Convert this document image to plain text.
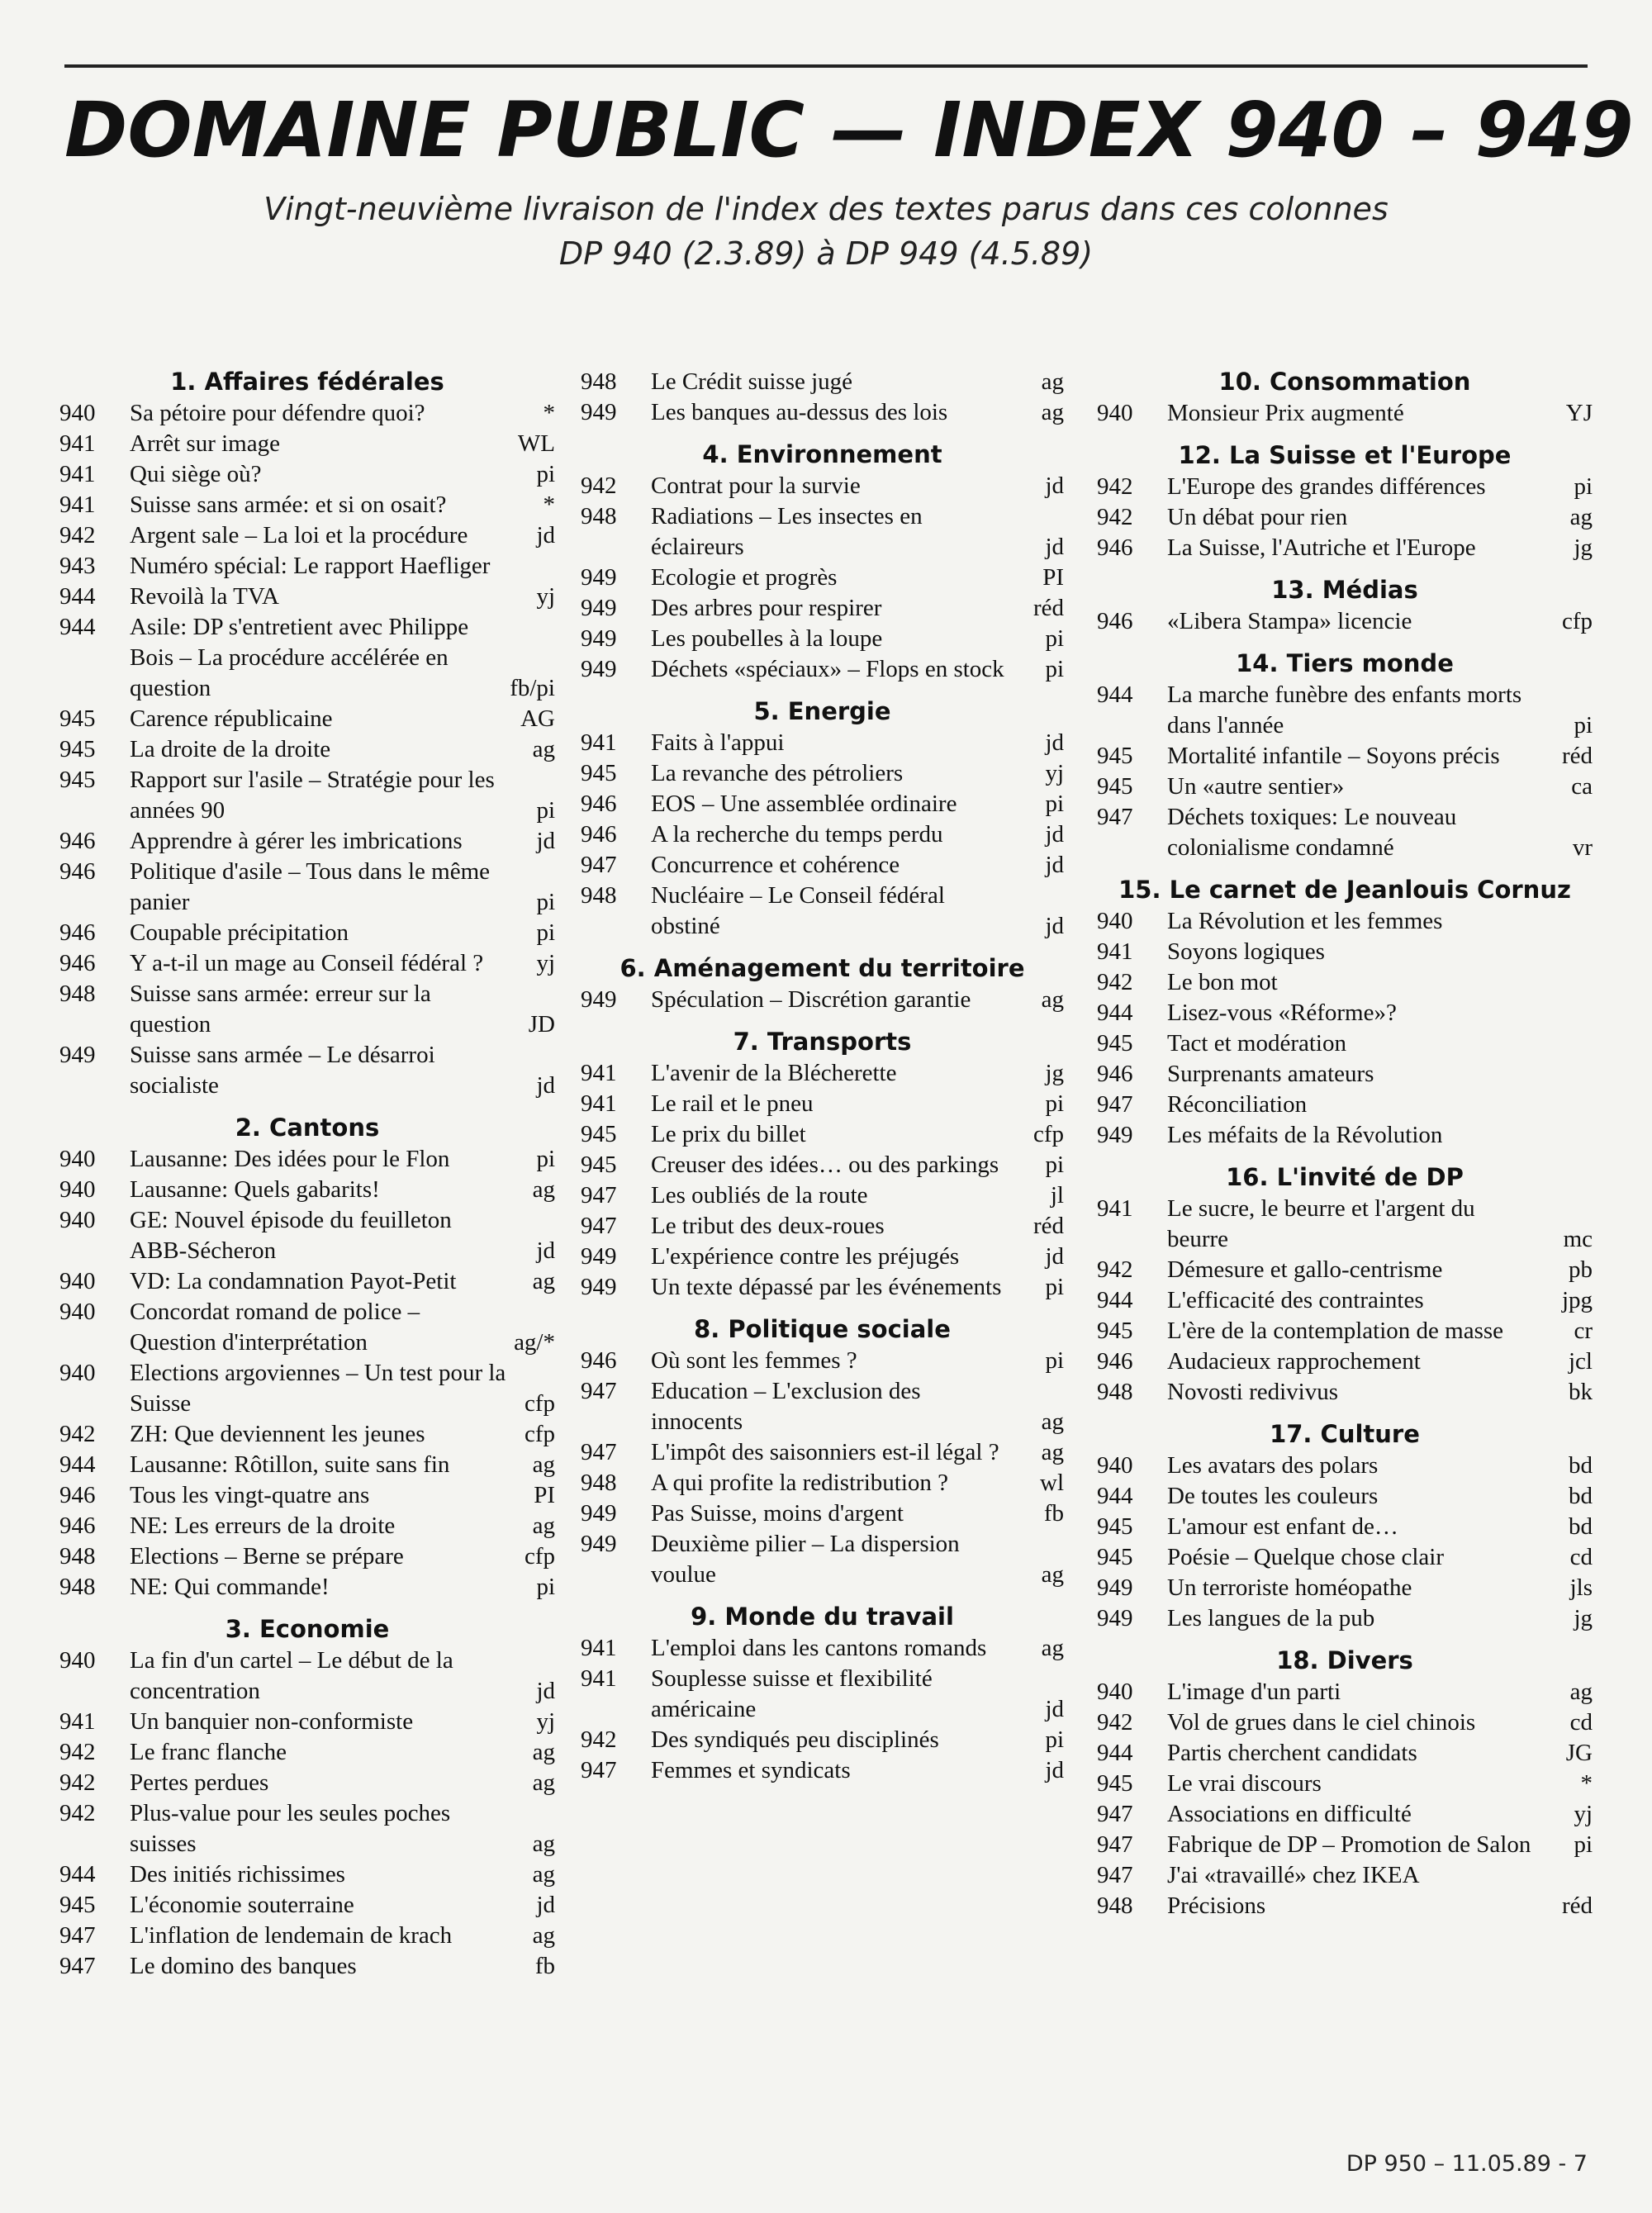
DOMAINE PUBLIC — INDEX 940 – 949

Vingt-neuvième livraison de l'index des textes parus dans ces colonnes
DP 940 (2.3.89) à DP 949 (4.5.89)

1. Affaires fédérales
940	Sa pétoire pour défendre quoi?	*
941	Arrêt sur image	WL
941	Qui siège où?	pi
941	Suisse sans armée: et si on osait?	*
942	Argent sale – La loi et la procédure	jd
943	Numéro spécial: Le rapport Haefliger
944	Revoilà la TVA	yj
944	Asile: DP s'entretient avec Philippe Bois – La procédure accélérée en question	fb/pi
945	Carence républicaine	AG
945	La droite de la droite	ag
945	Rapport sur l'asile – Stratégie pour les années 90	pi
946	Apprendre à gérer les imbrications	jd
946	Politique d'asile – Tous dans le même panier	pi
946	Coupable précipitation	pi
946	Y a-t-il un mage au Conseil fédéral ?	yj
948	Suisse sans armée: erreur sur la question	JD
949	Suisse sans armée – Le désarroi socialiste	jd
2. Cantons
940	Lausanne: Des idées pour le Flon	pi
940	Lausanne: Quels gabarits!	ag
940	GE: Nouvel épisode du feuilleton ABB-Sécheron	jd
940	VD: La condamnation Payot-Petit	ag
940	Concordat romand de police – Question d'interprétation	ag/*
940	Elections argoviennes – Un test pour la Suisse	cfp
942	ZH: Que deviennent les jeunes	cfp
944	Lausanne: Rôtillon, suite sans fin	ag
946	Tous les vingt-quatre ans	PI
946	NE: Les erreurs de la droite	ag
948	Elections – Berne se prépare	cfp
948	NE: Qui commande!	pi
3. Economie
940	La fin d'un cartel – Le début de la concentration	jd
941	Un banquier non-conformiste	yj
942	Le franc flanche	ag
942	Pertes perdues	ag
942	Plus-value pour les seules poches suisses	ag
944	Des initiés richissimes	ag
945	L'économie souterraine	jd
947	L'inflation de lendemain de krach	ag
947	Le domino des banques	fb
948	Le Crédit suisse jugé	ag
949	Les banques au-dessus des lois	ag
4. Environnement
942	Contrat pour la survie	jd
948	Radiations – Les insectes en éclaireurs	jd
949	Ecologie et progrès	PI
949	Des arbres pour respirer	réd
949	Les poubelles à la loupe	pi
949	Déchets «spéciaux» – Flops en stock	pi
5. Energie
941	Faits à l'appui	jd
945	La revanche des pétroliers	yj
946	EOS – Une assemblée ordinaire	pi
946	A la recherche du temps perdu	jd
947	Concurrence et cohérence	jd
948	Nucléaire – Le Conseil fédéral obstiné	jd
6. Aménagement du territoire
949	Spéculation – Discrétion garantie	ag
7. Transports
941	L'avenir de la Blécherette	jg
941	Le rail et le pneu	pi
945	Le prix du billet	cfp
945	Creuser des idées… ou des parkings	pi
947	Les oubliés de la route	jl
947	Le tribut des deux-roues	réd
949	L'expérience contre les préjugés	jd
949	Un texte dépassé par les événements	pi
8. Politique sociale
946	Où sont les femmes ?	pi
947	Education – L'exclusion des innocents	ag
947	L'impôt des saisonniers est-il légal ?	ag
948	A qui profite la redistribution ?	wl
949	Pas Suisse, moins d'argent	fb
949	Deuxième pilier – La dispersion voulue	ag
9. Monde du travail
941	L'emploi dans les cantons romands	ag
941	Souplesse suisse et flexibilité américaine	jd
942	Des syndiqués peu disciplinés	pi
947	Femmes et syndicats	jd
10. Consommation
940	Monsieur Prix augmenté	YJ
12. La Suisse et l'Europe
942	L'Europe des grandes différences	pi
942	Un débat pour rien	ag
946	La Suisse, l'Autriche et l'Europe	jg
13. Médias
946	«Libera Stampa» licencie	cfp
14. Tiers monde
944	La marche funèbre des enfants morts dans l'année	pi
945	Mortalité infantile – Soyons précis	réd
945	Un «autre sentier»	ca
947	Déchets toxiques: Le nouveau colonialisme condamné	vr
15. Le carnet de Jeanlouis Cornuz
940	La Révolution et les femmes
941	Soyons logiques
942	Le bon mot
944	Lisez-vous «Réforme»?
945	Tact et modération
946	Surprenants amateurs
947	Réconciliation
949	Les méfaits de la Révolution
16. L'invité de DP
941	Le sucre, le beurre et l'argent du beurre	mc
942	Démesure et gallo-centrisme	pb
944	L'efficacité des contraintes	jpg
945	L'ère de la contemplation de masse	cr
946	Audacieux rapprochement	jcl
948	Novosti redivivus	bk
17. Culture
940	Les avatars des polars	bd
944	De toutes les couleurs	bd
945	L'amour est enfant de…	bd
945	Poésie – Quelque chose clair	cd
949	Un terroriste homéopathe	jls
949	Les langues de la pub	jg
18. Divers
940	L'image d'un parti	ag
942	Vol de grues dans le ciel chinois	cd
944	Partis cherchent candidats	JG
945	Le vrai discours	*
947	Associations en difficulté	yj
947	Fabrique de DP – Promotion de Salon	pi
947	J'ai «travaillé» chez IKEA
948	Précisions	réd
DP 950 – 11.05.89 - 7
